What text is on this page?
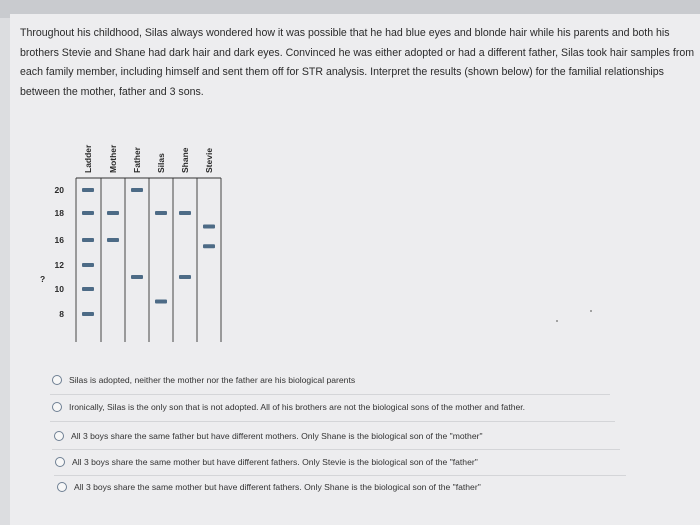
Throughout his childhood, Silas always wondered how it was possible that he had blue eyes and blonde hair while his parents and both his brothers Stevie and Shane had dark hair and dark eyes. Convinced he was either adopted or had a different father, Silas took hair samples from each family member, including himself and sent them off for STR analysis. Interpret the results (shown below) for the familial relationships between the mother, father and 3 sons.
Ladder Mother Father Silas Shane Stevie
20
18
16
12
10
8
?
Silas is adopted, neither the mother nor the father are his biological parents
Ironically, Silas is the only son that is not adopted. All of his brothers are not the biological sons of the mother and father.
All 3 boys share the same father but have different mothers. Only Shane is the biological son of the "mother"
All 3 boys share the same mother but have different fathers. Only Stevie is the biological son of the "father"
All 3 boys share the same mother but have different fathers. Only Shane is the biological son of the "father"
